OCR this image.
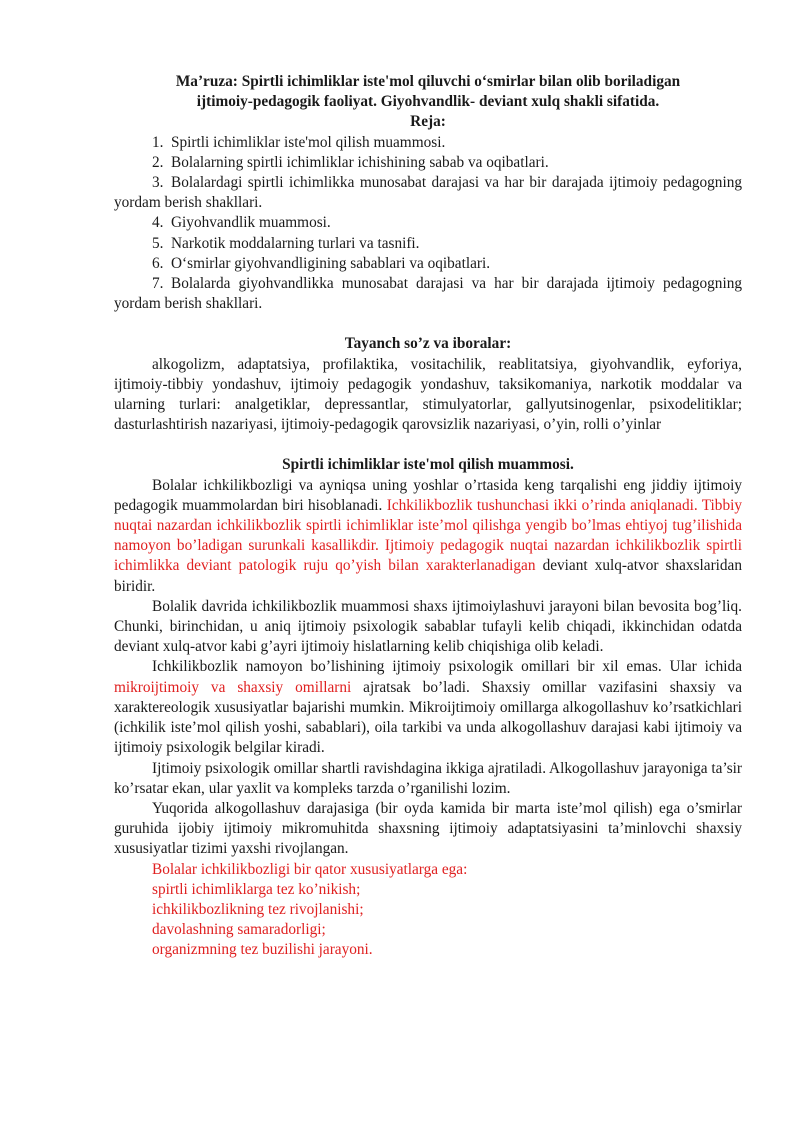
Ma’ruza: Spirtli ichimliklar iste'mol qiluvchi o‘smirlar bilan olib boriladigan

ijtimoiy-pedagogik faoliyat. Giyohvandlik- deviant xulq shakli sifatida.

Reja:

1. Spirtli ichimliklar iste'mol qilish muammosi.

2. Bolalarning spirtli ichimliklar ichishining sabab va oqibatlari.

3. Bolalardagi spirtli ichimlikka munosabat darajasi va har bir darajada ijtimoiy pedagogning yordam berish shakllari.

4. Giyohvandlik muammosi.

5. Narkotik moddalarning turlari va tasnifi.

6. O‘smirlar giyohvandligining sabablari va oqibatlari.

7. Bolalarda giyohvandlikka munosabat darajasi va har bir darajada ijtimoiy pedagogning yordam berish shakllari.

Tayanch so’z va iboralar:

alkogolizm, adaptatsiya, profilaktika, vositachilik, reablitatsiya, giyohvandlik, eyforiya, ijtimoiy-tibbiy yondashuv, ijtimoiy pedagogik yondashuv, taksikomaniya, narkotik moddalar va ularning turlari: analgetiklar, depressantlar, stimulyatorlar, gallyutsinogenlar, psixodelitiklar; dasturlashtirish nazariyasi, ijtimoiy-pedagogik qarovsizlik nazariyasi, o’yin, rolli o’yinlar

Spirtli ichimliklar iste'mol qilish muammosi.

Bolalar ichkilikbozligi va ayniqsa uning yoshlar o’rtasida keng tarqalishi eng jiddiy ijtimoiy pedagogik muammolardan biri hisoblanadi. Ichkilikbozlik tushunchasi ikki o’rinda aniqlanadi. Tibbiy nuqtai nazardan ichkilikbozlik spirtli ichimliklar iste’mol qilishga yengib bo’lmas ehtiyoj tug’ilishida namoyon bo’ladigan surunkali kasallikdir. Ijtimoiy pedagogik nuqtai nazardan ichkilikbozlik spirtli ichimlikka deviant patologik ruju qo’yish bilan xarakterlanadigan deviant xulq-atvor shaxslaridan biridir.

Bolalik davrida ichkilikbozlik muammosi shaxs ijtimoiylashuvi jarayoni bilan bevosita bog’liq. Chunki, birinchidan, u aniq ijtimoiy psixologik sabablar tufayli kelib chiqadi, ikkinchidan odatda deviant xulq-atvor kabi g’ayri ijtimoiy hislatlarning kelib chiqishiga olib keladi.

Ichkilikbozlik namoyon bo’lishining ijtimoiy psixologik omillari bir xil emas. Ular ichida mikroijtimoiy va shaxsiy omillarni ajratsak bo’ladi. Shaxsiy omillar vazifasini shaxsiy va xaraktereologik xususiyatlar bajarishi mumkin. Mikroijtimoiy omillarga alkogollashuv ko’rsatkichlari (ichkilik iste’mol qilish yoshi, sabablari), oila tarkibi va unda alkogollashuv darajasi kabi ijtimoiy va ijtimoiy psixologik belgilar kiradi.

Ijtimoiy psixologik omillar shartli ravishdagina ikkiga ajratiladi. Alkogollashuv jarayoniga ta’sir ko’rsatar ekan, ular yaxlit va kompleks tarzda o’rganilishi lozim.

Yuqorida alkogollashuv darajasiga (bir oyda kamida bir marta iste’mol qilish) ega o’smirlar guruhida ijobiy ijtimoiy mikromuhitda shaxsning ijtimoiy adaptatsiyasini ta’minlovchi shaxsiy xususiyatlar tizimi yaxshi rivojlangan.

Bolalar ichkilikbozligi bir qator xususiyatlarga ega:
spirtli ichimliklarga tez ko’nikish;
ichkilikbozlikning tez rivojlanishi;
davolashning samaradorligi;
organizmning tez buzilishi jarayoni.
